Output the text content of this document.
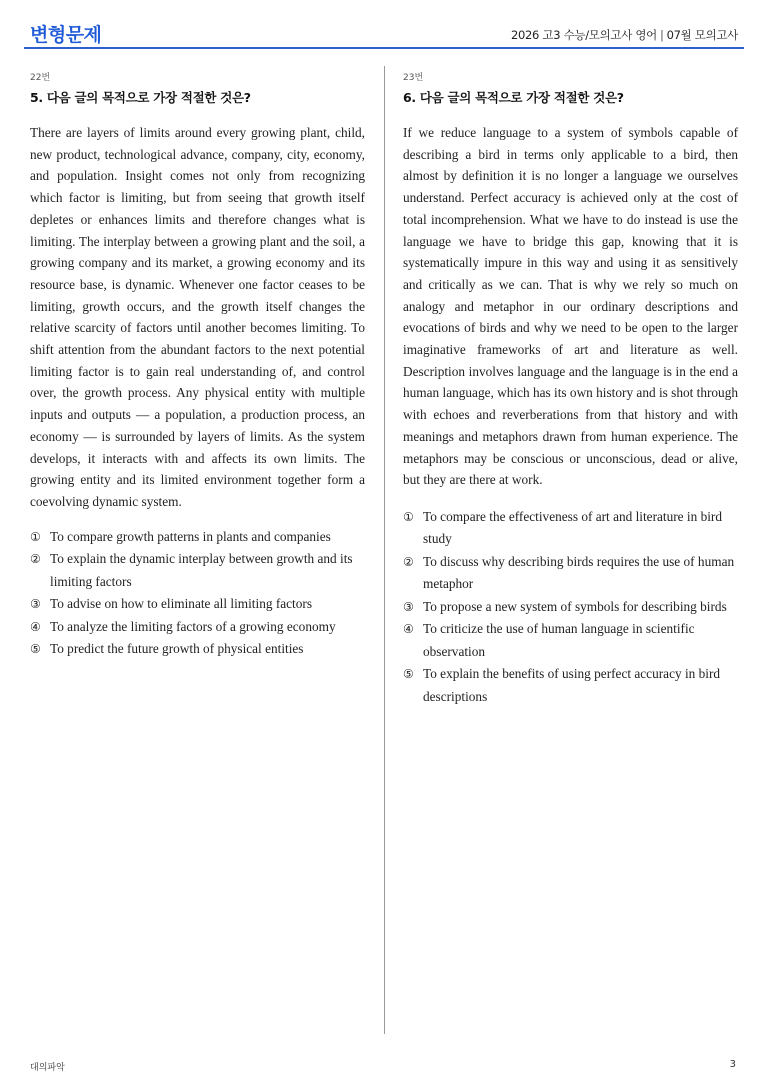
변형문제	2026 고3 수능/모의고사 영어 | 07월 모의고사
22번
5. 다음 글의 목적으로 가장 적절한 것은?
There are layers of limits around every growing plant, child, new product, technological advance, company, city, economy, and population. Insight comes not only from recognizing which factor is limiting, but from seeing that growth itself depletes or enhances limits and therefore changes what is limiting. The interplay between a growing plant and the soil, a growing company and its market, a growing economy and its resource base, is dynamic. Whenever one factor ceases to be limiting, growth occurs, and the growth itself changes the relative scarcity of factors until another becomes limiting. To shift attention from the abundant factors to the next potential limiting factor is to gain real understanding of, and control over, the growth process. Any physical entity with multiple inputs and outputs — a population, a production process, an economy — is surrounded by layers of limits. As the system develops, it interacts with and affects its own limits. The growing entity and its limited environment together form a coevolving dynamic system.
① To compare growth patterns in plants and companies
② To explain the dynamic interplay between growth and its limiting factors
③ To advise on how to eliminate all limiting factors
④ To analyze the limiting factors of a growing economy
⑤ To predict the future growth of physical entities
23번
6. 다음 글의 목적으로 가장 적절한 것은?
If we reduce language to a system of symbols capable of describing a bird in terms only applicable to a bird, then almost by definition it is no longer a language we ourselves understand. Perfect accuracy is achieved only at the cost of total incomprehension. What we have to do instead is use the language we have to bridge this gap, knowing that it is systematically impure in this way and using it as sensitively and critically as we can. That is why we rely so much on analogy and metaphor in our ordinary descriptions and evocations of birds and why we need to be open to the larger imaginative frameworks of art and literature as well. Description involves language and the language is in the end a human language, which has its own history and is shot through with echoes and reverberations from that history and with meanings and metaphors drawn from human experience. The metaphors may be conscious or unconscious, dead or alive, but they are there at work.
① To compare the effectiveness of art and literature in bird study
② To discuss why describing birds requires the use of human metaphor
③ To propose a new system of symbols for describing birds
④ To criticize the use of human language in scientific observation
⑤ To explain the benefits of using perfect accuracy in bird descriptions
대의파악	3
